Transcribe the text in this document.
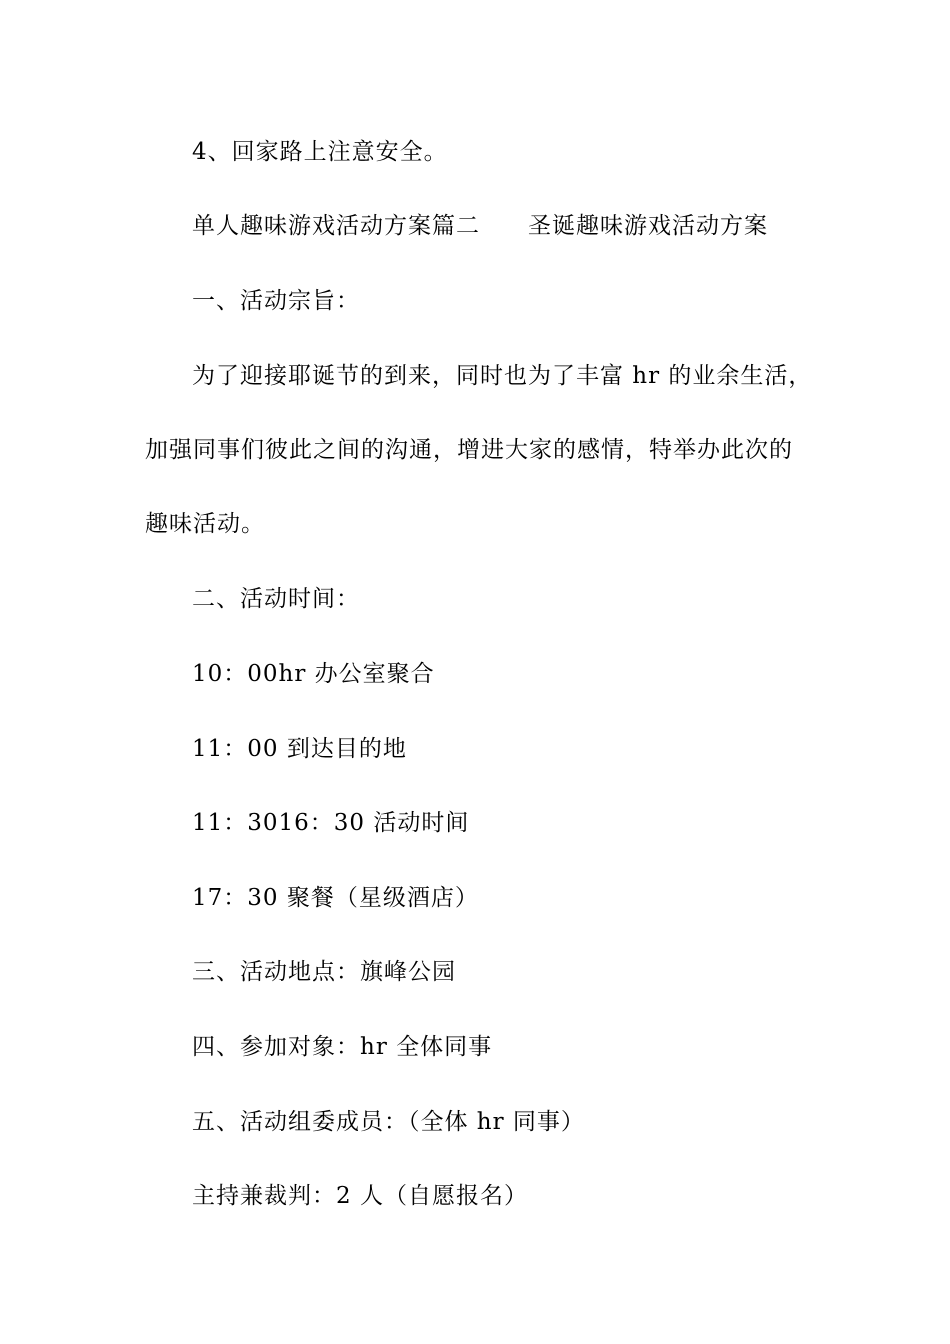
4、回家路上注意安全。
单人趣味游戏活动方案篇二 圣诞趣味游戏活动方案
一、活动宗旨：
为了迎接耶诞节的到来，同时也为了丰富 hr 的业余生活，
加强同事们彼此之间的沟通，增进大家的感情，特举办此次的
趣味活动。
二、活动时间：
10：00hr 办公室聚合
11：00 到达目的地
11：3016：30 活动时间
17：30 聚餐（星级酒店）
三、活动地点：旗峰公园
四、参加对象：hr 全体同事
五、活动组委成员：（全体 hr 同事）
主持兼裁判：2 人（自愿报名）
